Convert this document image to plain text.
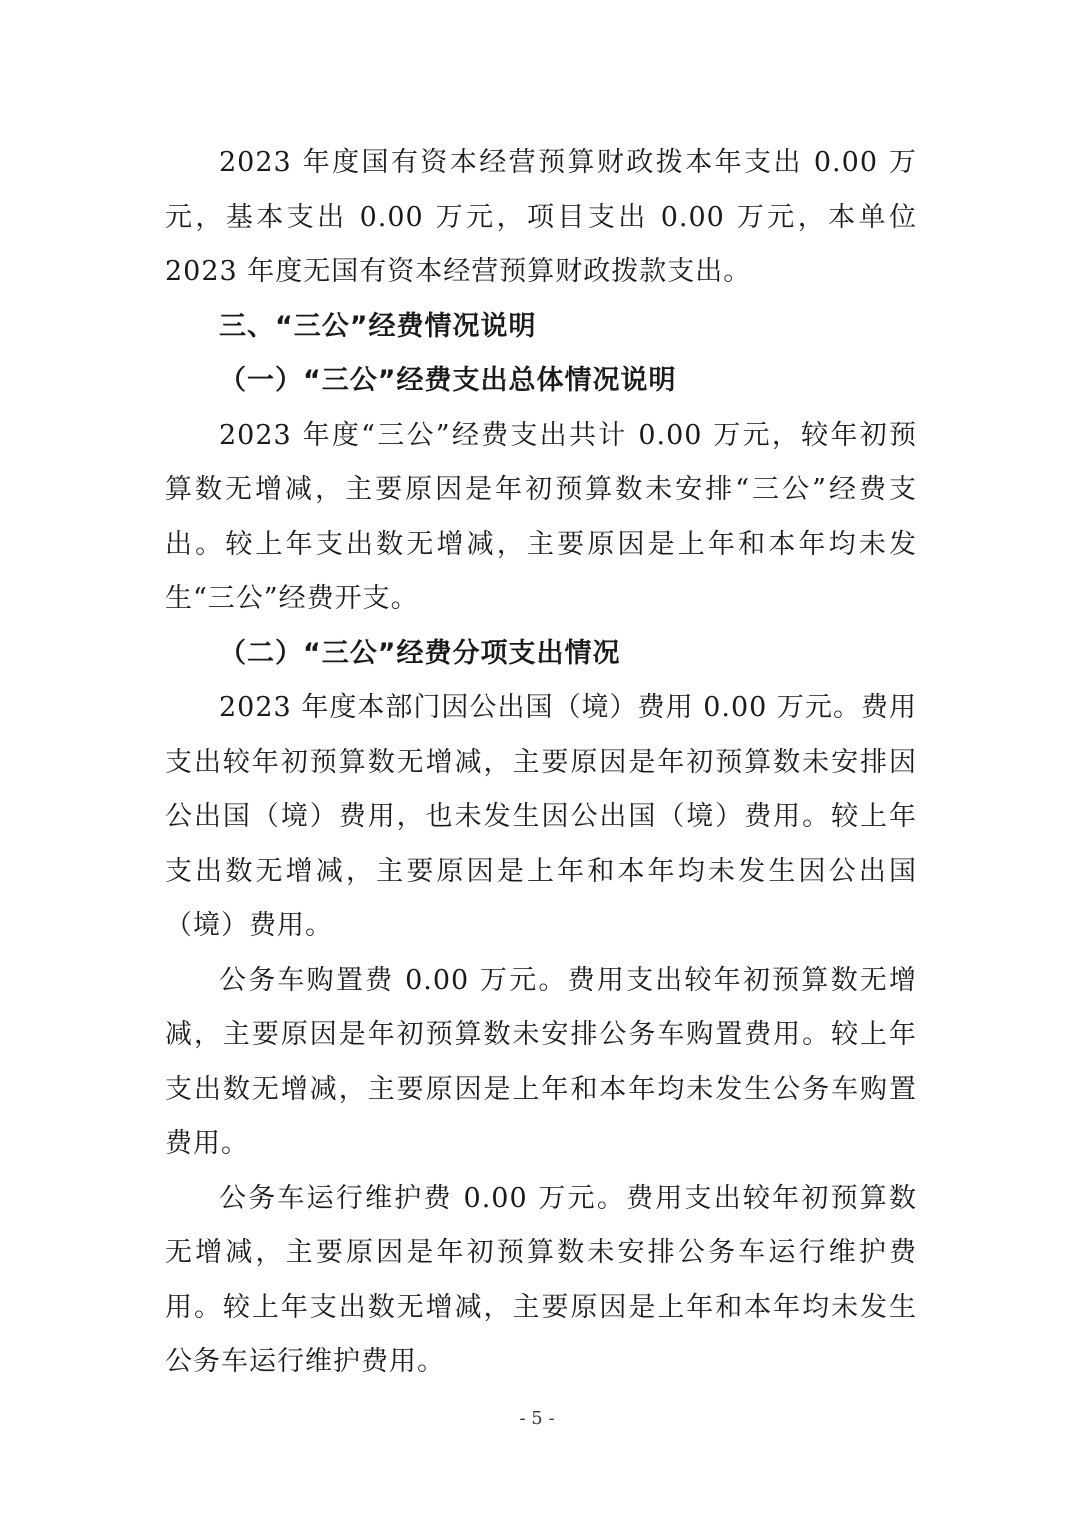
2023 年度国有资本经营预算财政拨本年支出 0.00 万元，基本支出 0.00 万元，项目支出 0.00 万元，本单位 2023 年度无国有资本经营预算财政拨款支出。

三、“三公”经费情况说明

（一）“三公”经费支出总体情况说明

2023 年度“三公”经费支出共计 0.00 万元，较年初预算数无增减，主要原因是年初预算数未安排“三公”经费支出。较上年支出数无增减，主要原因是上年和本年均未发生“三公”经费开支。

（二）“三公”经费分项支出情况

2023 年度本部门因公出国（境）费用 0.00 万元。费用支出较年初预算数无增减，主要原因是年初预算数未安排因公出国（境）费用，也未发生因公出国（境）费用。较上年支出数无增减，主要原因是上年和本年均未发生因公出国（境）费用。

公务车购置费 0.00 万元。费用支出较年初预算数无增减，主要原因是年初预算数未安排公务车购置费用。较上年支出数无增减，主要原因是上年和本年均未发生公务车购置费用。

公务车运行维护费 0.00 万元。费用支出较年初预算数无增减，主要原因是年初预算数未安排公务车运行维护费用。较上年支出数无增减，主要原因是上年和本年均未发生公务车运行维护费用。

- 5 -
